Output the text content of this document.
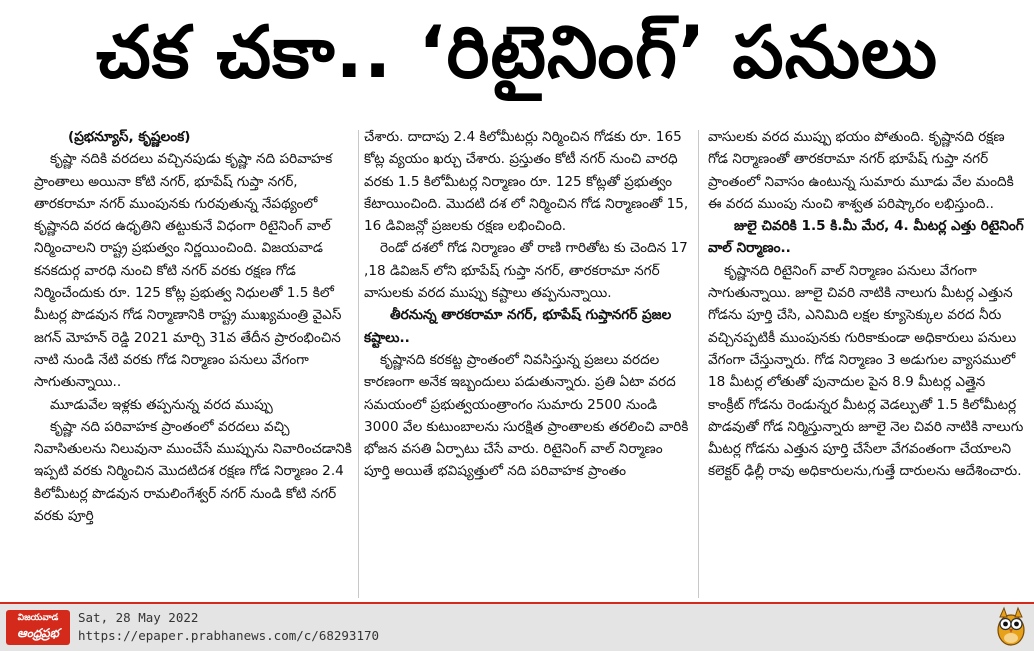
చక చకా.. ‘రిటైనింగ్’ పనులు

(ప్రభన్యూస్, కృష్ణలంక)

కృష్ణా నదికి వరదలు వచ్చినపుడు కృష్ణా నది పరివాహక ప్రాంతాలు అయినా కోటి నగర్, భూపేష్ గుప్తా నగర్, తారకరామా నగర్ ముంపునకు గురవుతున్న నేపథ్యంలో కృష్ణానది వరద ఉధృతిని తట్టుకునే విధంగా రిటైనింగ్ వాల్ నిర్మించాలని రాష్ట్ర ప్రభుత్వం నిర్ణయించింది. విజయవాడ కనకదుర్గ వారధి నుంచి కోటి నగర్ వరకు రక్షణ గోడ నిర్మించేందుకు రూ. 125 కోట్ల ప్రభుత్వ నిధులతో 1.5 కిలో మీటర్ల పొడవున గోడ నిర్మాణానికి రాష్ట్ర ముఖ్యమంత్రి వైఎస్ జగన్ మోహన్ రెడ్డి 2021 మార్చి 31వ తేదీన ప్రారంభించిన నాటి నుండి నేటి వరకు గోడ నిర్మాణం పనులు వేగంగా సాగుతున్నాయి..

మూడువేల ఇళ్లకు తప్పనున్న వరద ముప్పు

కృష్ణా నది పరివాహక ప్రాంతంలో వరదలు వచ్చి నివాసితులను నిలువునా ముంచేసే ముప్పును నివారించడానికి ఇప్పటి వరకు నిర్మించిన మొదటిదశ రక్షణ గోడ నిర్మాణం 2.4 కిలోమీటర్ల పొడవున రామలింగేశ్వర్ నగర్ నుండి కోటి నగర్ వరకు పూర్తి

చేశారు. దాదాపు 2.4 కిలోమీటర్లు నిర్మించిన గోడకు రూ. 165 కోట్ల వ్యయం ఖర్చు చేశారు. ప్రస్తుతం కోటీ నగర్ నుంచి వారధి వరకు 1.5 కిలోమీటర్ల నిర్మాణం రూ. 125 కోట్లతో ప్రభుత్వం కేటాయించింది. మొదటి దశ లో నిర్మించిన గోడ నిర్మాణంతో 15, 16 డివిజన్లో ప్రజలకు రక్షణ లభించింది.

రెండో దశలో గోడ నిర్మాణం తో రాణి గారితోట కు చెందిన 17 ,18 డివిజన్ లోని భూపేష్ గుప్తా నగర్, తారకరామా నగర్ వాసులకు వరద ముప్పు కష్టాలు తప్పనున్నాయి.

తీరనున్న తారకరామా నగర్, భూపేష్ గుప్తానగర్ ప్రజల కష్టాలు..

కృష్ణానది కరకట్ట ప్రాంతంలో నివసిస్తున్న ప్రజలు వరదల కారణంగా అనేక ఇబ్బందులు పడుతున్నారు. ప్రతి ఏటా వరద సమయంలో ప్రభుత్వయంత్రాంగం సుమారు 2500 నుండి 3000 వేల కుటుంబాలను సురక్షిత ప్రాంతాలకు తరలించి వారికి భోజన వసతి ఏర్పాటు చేసే వారు. రిటైనింగ్ వాల్ నిర్మాణం పూర్తి అయితే భవిష్యత్తులో నది పరివాహక ప్రాంతం

వాసులకు వరద ముప్పు భయం పోతుంది. కృష్ణానది రక్షణ గోడ నిర్మాణంతో తారకరామా నగర్ భూపేష్ గుప్తా నగర్ ప్రాంతంలో నివాసం ఉంటున్న సుమారు మూడు వేల మందికి ఈ వరద ముంపు నుంచి శాశ్వత పరిష్కారం లభిస్తుంది..

జులై చివరికి 1.5 కి.మీ మేర, 4. మీటర్ల ఎత్తు రిటైనింగ్ వాల్ నిర్మాణం..

కృష్ణానది రిటైనింగ్ వాల్ నిర్మాణం పనులు వేగంగా సాగుతున్నాయి. జూలై చివరి నాటికి నాలుగు మీటర్ల ఎత్తున గోడను పూర్తి చేసి, ఎనిమిది లక్షల క్యూసెక్కుల వరద నీరు వచ్చినప్పటికీ ముంపునకు గురికాకుండా అధికారులు పనులు వేగంగా చేస్తున్నారు. గోడ నిర్మాణం 3 అడుగుల వ్యాసములో 18 మీటర్ల లోతుతో పునాదుల పైన 8.9 మీటర్ల ఎత్తైన కాంక్రీట్ గోడను రెండున్నర మీటర్ల వెడల్పుతో 1.5 కిలోమీటర్ల పొడవుతో గోడ నిర్మిస్తున్నారు జూలై నెల చివరి నాటికి నాలుగు మీటర్ల గోడను ఎత్తున పూర్తి చేసేలా వేగవంతంగా చేయాలని కలెక్టర్ ఢిల్లీ రావు అధికారులను,గుత్తే దారులను ఆదేశించారు.

విజయవాడ
ఆంధ్రప్రభ
Sat, 28 May 2022
https://epaper.prabhanews.com/c/68293170
